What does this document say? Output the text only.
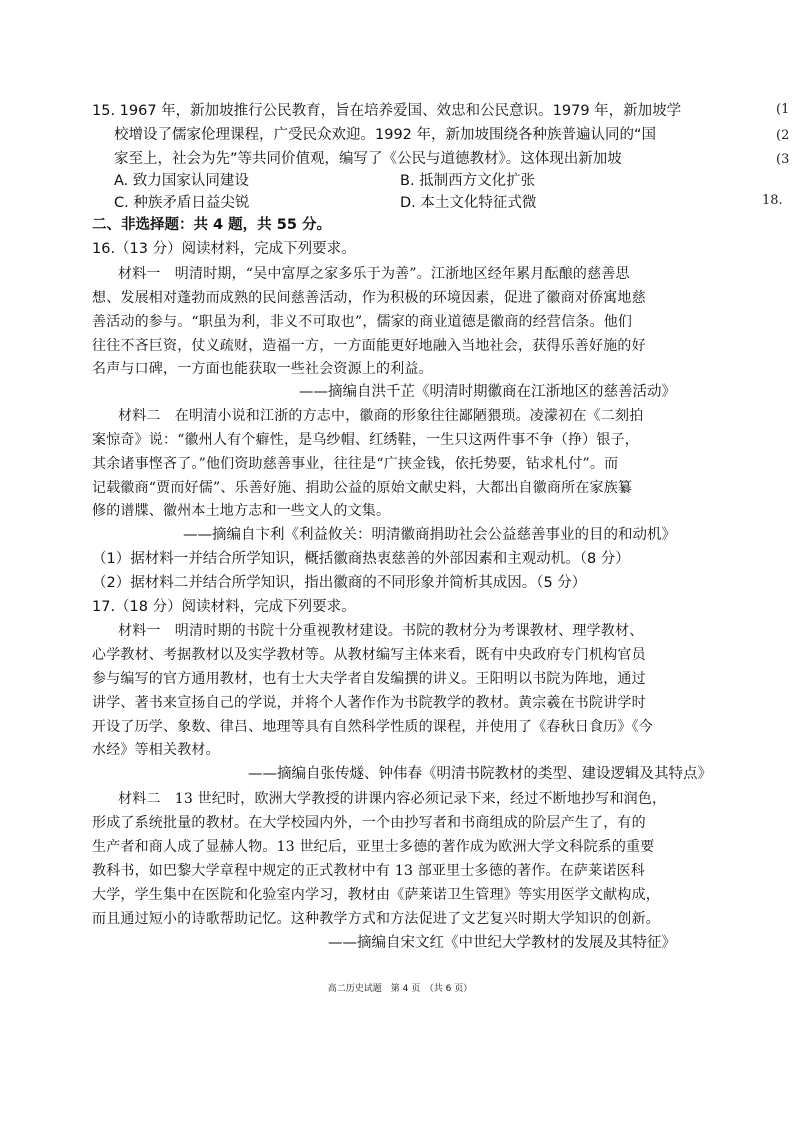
(1
(2
(3
18.
15. 1967 年，新加坡推行公民教育，旨在培养爱国、效忠和公民意识。1979 年，新加坡学
校增设了儒家伦理课程，广受民众欢迎。1992 年，新加坡围绕各种族普遍认同的“国
家至上，社会为先”等共同价值观，编写了《公民与道德教材》。这体现出新加坡
A. 致力国家认同建设	B. 抵制西方文化扩张
C. 种族矛盾日益尖锐	D. 本土文化特征式微
二、非选择题：共 4 题，共 55 分。
16.（13 分）阅读材料，完成下列要求。
材料一　明清时期，“吴中富厚之家多乐于为善”。江浙地区经年累月酝酿的慈善思
想、发展相对蓬勃而成熟的民间慈善活动，作为积极的环境因素，促进了徽商对侨寓地慈
善活动的参与。“职虽为利，非义不可取也”，儒家的商业道德是徽商的经营信条。他们
往往不吝巨资，仗义疏财，造福一方，一方面能更好地融入当地社会，获得乐善好施的好
名声与口碑，一方面也能获取一些社会资源上的利益。
——摘编自洪千芷《明清时期徽商在江浙地区的慈善活动》
材料二　在明清小说和江浙的方志中，徽商的形象往往鄙陋猥琐。凌濛初在《二刻拍
案惊奇》说：“徽州人有个癖性，是乌纱帽、红绣鞋，一生只这两件事不争（挣）银子，
其余诸事悭吝了。”他们资助慈善事业，往往是“广挟金钱，依托势要，钻求札付”。而
记载徽商“贾而好儒”、乐善好施、捐助公益的原始文献史料，大都出自徽商所在家族纂
修的谱牒、徽州本土地方志和一些文人的文集。
——摘编自卞利《利益攸关：明清徽商捐助社会公益慈善事业的目的和动机》
（1）据材料一并结合所学知识，概括徽商热衷慈善的外部因素和主观动机。（8 分）
（2）据材料二并结合所学知识，指出徽商的不同形象并简析其成因。（5 分）
17.（18 分）阅读材料，完成下列要求。
材料一　明清时期的书院十分重视教材建设。书院的教材分为考课教材、理学教材、
心学教材、考据教材以及实学教材等。从教材编写主体来看，既有中央政府专门机构官员
参与编写的官方通用教材，也有士大夫学者自发编撰的讲义。王阳明以书院为阵地，通过
讲学、著书来宣扬自己的学说，并将个人著作作为书院教学的教材。黄宗羲在书院讲学时
开设了历学、象数、律吕、地理等具有自然科学性质的课程，并使用了《春秋日食历》《今
水经》等相关教材。
——摘编自张传燧、钟伟春《明清书院教材的类型、建设逻辑及其特点》
材料二　13 世纪时，欧洲大学教授的讲课内容必须记录下来，经过不断地抄写和润色，
形成了系统批量的教材。在大学校园内外，一个由抄写者和书商组成的阶层产生了，有的
生产者和商人成了显赫人物。13 世纪后，亚里士多德的著作成为欧洲大学文科院系的重要
教科书，如巴黎大学章程中规定的正式教材中有 13 部亚里士多德的著作。在萨莱诺医科
大学，学生集中在医院和化验室内学习，教材由《萨莱诺卫生管理》等实用医学文献构成，
而且通过短小的诗歌帮助记忆。这种教学方式和方法促进了文艺复兴时期大学知识的创新。
——摘编自宋文红《中世纪大学教材的发展及其特征》
高二历史试题　第 4 页　（共 6 页）
